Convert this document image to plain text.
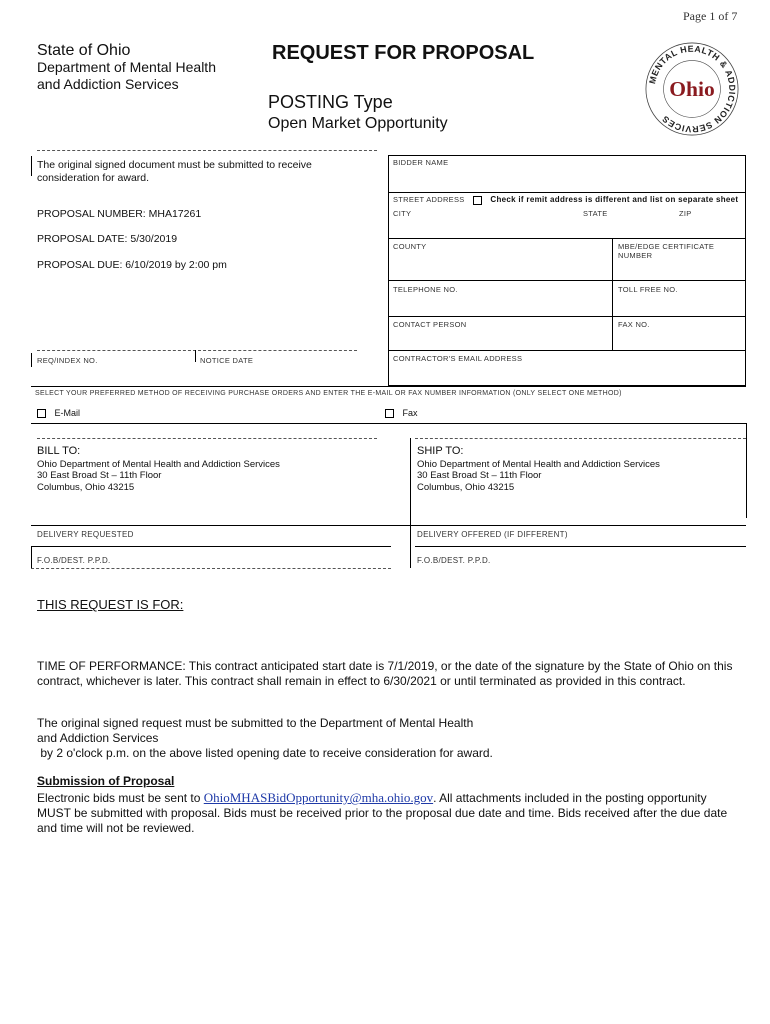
Page 1 of 7
State of Ohio
Department of Mental Health
and Addiction Services
REQUEST FOR PROPOSAL
POSTING Type
Open Market Opportunity
MENTAL HEALTH & ADDICTION SERVICES
Ohio
The original signed document must be submitted to receive consideration for award.
PROPOSAL NUMBER: MHA17261
PROPOSAL DATE: 5/30/2019
PROPOSAL DUE: 6/10/2019 by 2:00 pm
REQ/INDEX NO.	NOTICE DATE
BIDDER NAME
STREET ADDRESS	Check if remit address is different and list on separate sheet
CITY	STATE	ZIP
COUNTY	MBE/EDGE CERTIFICATE NUMBER
TELEPHONE NO.	TOLL FREE NO.
CONTACT PERSON	FAX NO.
CONTRACTOR'S EMAIL ADDRESS
SELECT YOUR PREFERRED METHOD OF RECEIVING PURCHASE ORDERS AND ENTER THE E-MAIL OR FAX NUMBER INFORMATION (ONLY SELECT ONE METHOD)
E-Mail	Fax
BILL TO:
Ohio Department of Mental Health and Addiction Services
30 East Broad St – 11th Floor
Columbus, Ohio 43215
SHIP TO:
Ohio Department of Mental Health and Addiction Services
30 East Broad St – 11th Floor
Columbus, Ohio 43215
DELIVERY REQUESTED	DELIVERY OFFERED (IF DIFFERENT)
F.O.B/DEST. P.P.D.	F.O.B/DEST. P.P.D.
THIS REQUEST IS FOR:
TIME OF PERFORMANCE: This contract anticipated start date is 7/1/2019, or the date of the signature by the State of Ohio on this contract, whichever is later. This contract shall remain in effect to 6/30/2021 or until terminated as provided in this contract.
The original signed request must be submitted to the Department of Mental Health
and Addiction Services
by 2 o'clock p.m. on the above listed opening date to receive consideration for award.
Submission of Proposal
Electronic bids must be sent to OhioMHASBidOpportunity@mha.ohio.gov. All attachments included in the posting opportunity MUST be submitted with proposal. Bids must be received prior to the proposal due date and time. Bids received after the due date and time will not be reviewed.
